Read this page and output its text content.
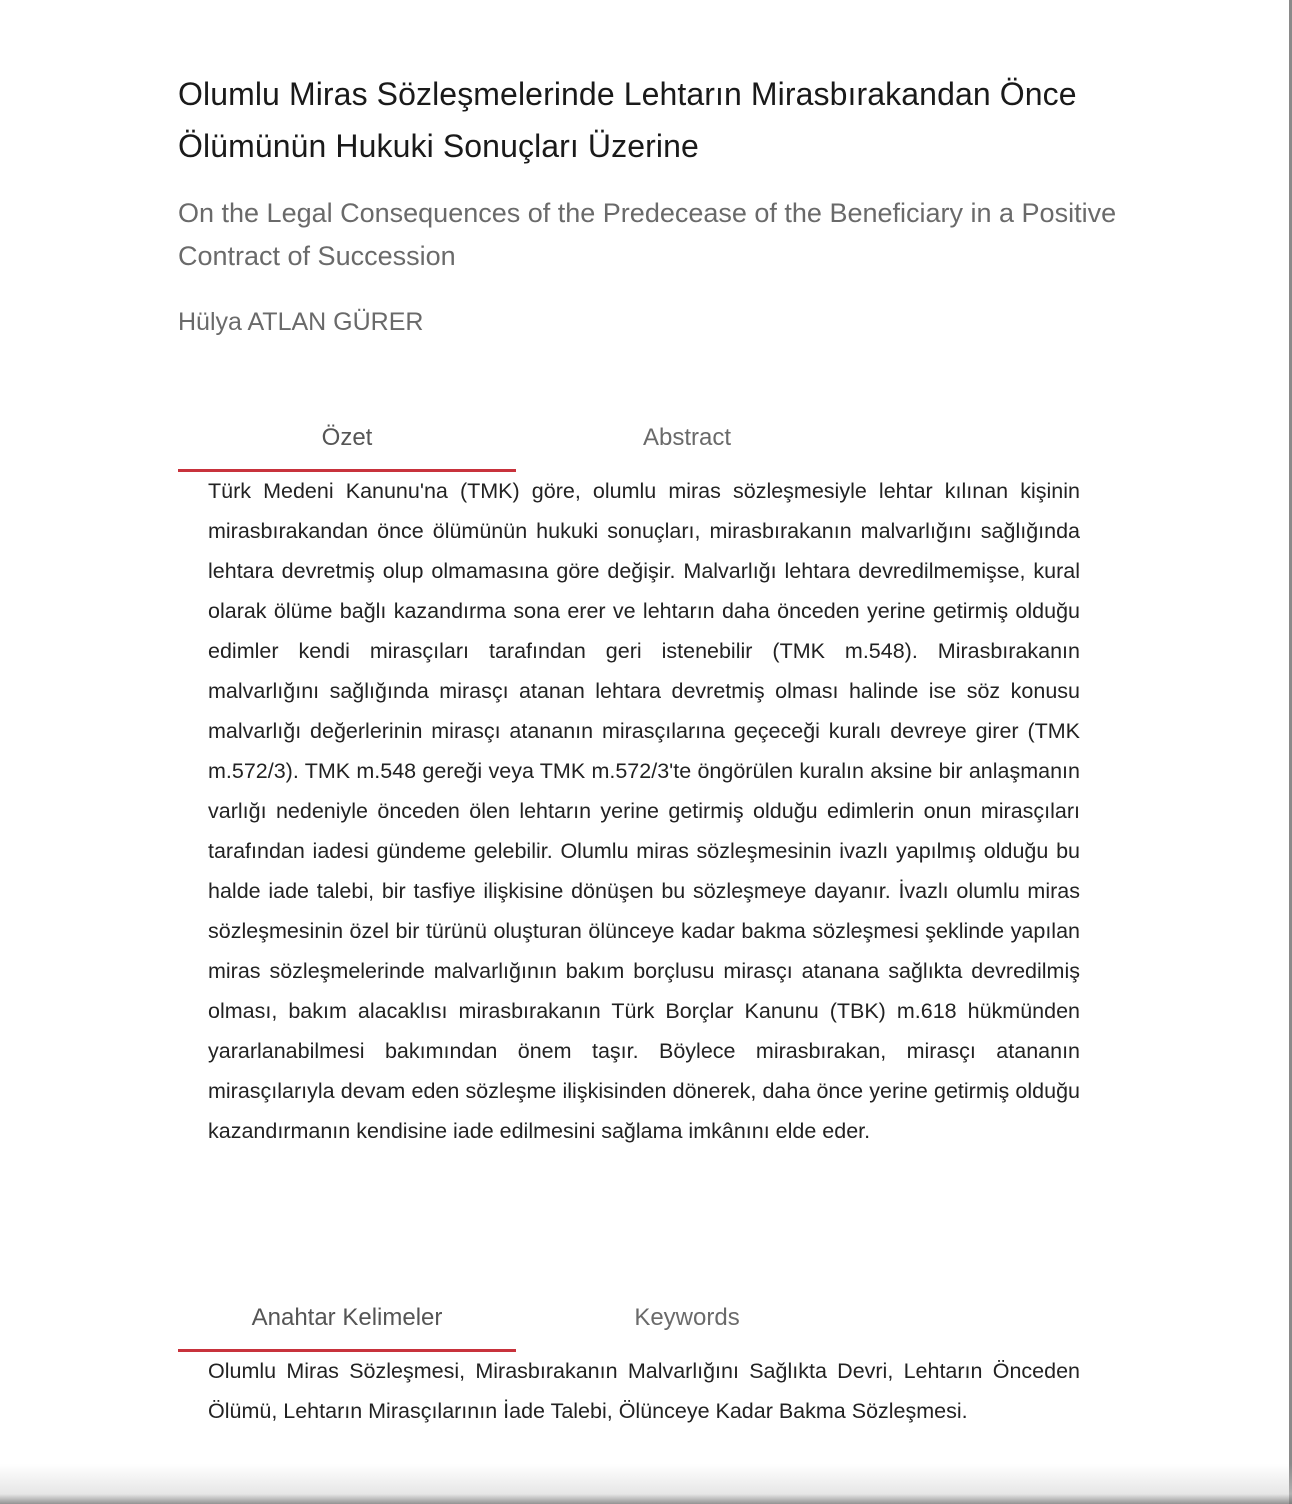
Olumlu Miras Sözleşmelerinde Lehtarın Mirasbırakandan Önce Ölümünün Hukuki Sonuçları Üzerine
On the Legal Consequences of the Predecease of the Beneficiary in a Positive Contract of Succession
Hülya ATLAN GÜRER
Özet	Abstract

Türk Medeni Kanunu'na (TMK) göre, olumlu miras sözleşmesiyle lehtar kılınan kişinin mirasbırakandan önce ölümünün hukuki sonuçları, mirasbırakanın malvarlığını sağlığında lehtara devretmiş olup olmamasına göre değişir. Malvarlığı lehtara devredilmemişse, kural olarak ölüme bağlı kazandırma sona erer ve lehtarın daha önceden yerine getirmiş olduğu edimler kendi mirasçıları tarafından geri istenebilir (TMK m.548). Mirasbırakanın malvarlığını sağlığında mirasçı atanan lehtara devretmiş olması halinde ise söz konusu malvarlığı değerlerinin mirasçı atananın mirasçılarına geçeceği kuralı devreye girer (TMK m.572/3). TMK m.548 gereği veya TMK m.572/3'te öngörülen kuralın aksine bir anlaşmanın varlığı nedeniyle önceden ölen lehtarın yerine getirmiş olduğu edimlerin onun mirasçıları tarafından iadesi gündeme gelebilir. Olumlu miras sözleşmesinin ivazlı yapılmış olduğu bu halde iade talebi, bir tasfiye ilişkisine dönüşen bu sözleşmeye dayanır. İvazlı olumlu miras sözleşmesinin özel bir türünü oluşturan ölünceye kadar bakma sözleşmesi şeklinde yapılan miras sözleşmelerinde malvarlığının bakım borçlusu mirasçı atanana sağlıkta devredilmiş olması, bakım alacaklısı mirasbırakanın Türk Borçlar Kanunu (TBK) m.618 hükmünden yararlanabilmesi bakımından önem taşır. Böylece mirasbırakan, mirasçı atananın mirasçılarıyla devam eden sözleşme ilişkisinden dönerek, daha önce yerine getirmiş olduğu kazandırmanın kendisine iade edilmesini sağlama imkânını elde eder.

Anahtar Kelimeler	Keywords

Olumlu Miras Sözleşmesi, Mirasbırakanın Malvarlığını Sağlıkta Devri, Lehtarın Önceden Ölümü, Lehtarın Mirasçılarının İade Talebi, Ölünceye Kadar Bakma Sözleşmesi.
